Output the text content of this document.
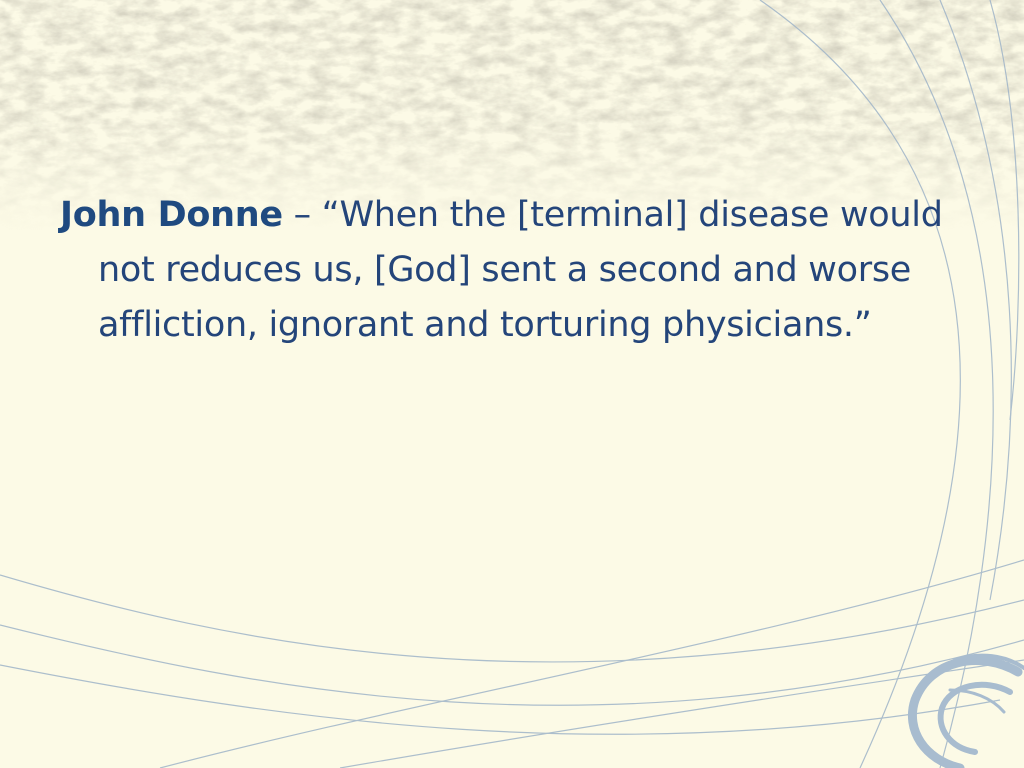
John Donne – “When the [terminal] disease would not reduces us, [God] sent a second and worse affliction, ignorant and torturing physicians.”
